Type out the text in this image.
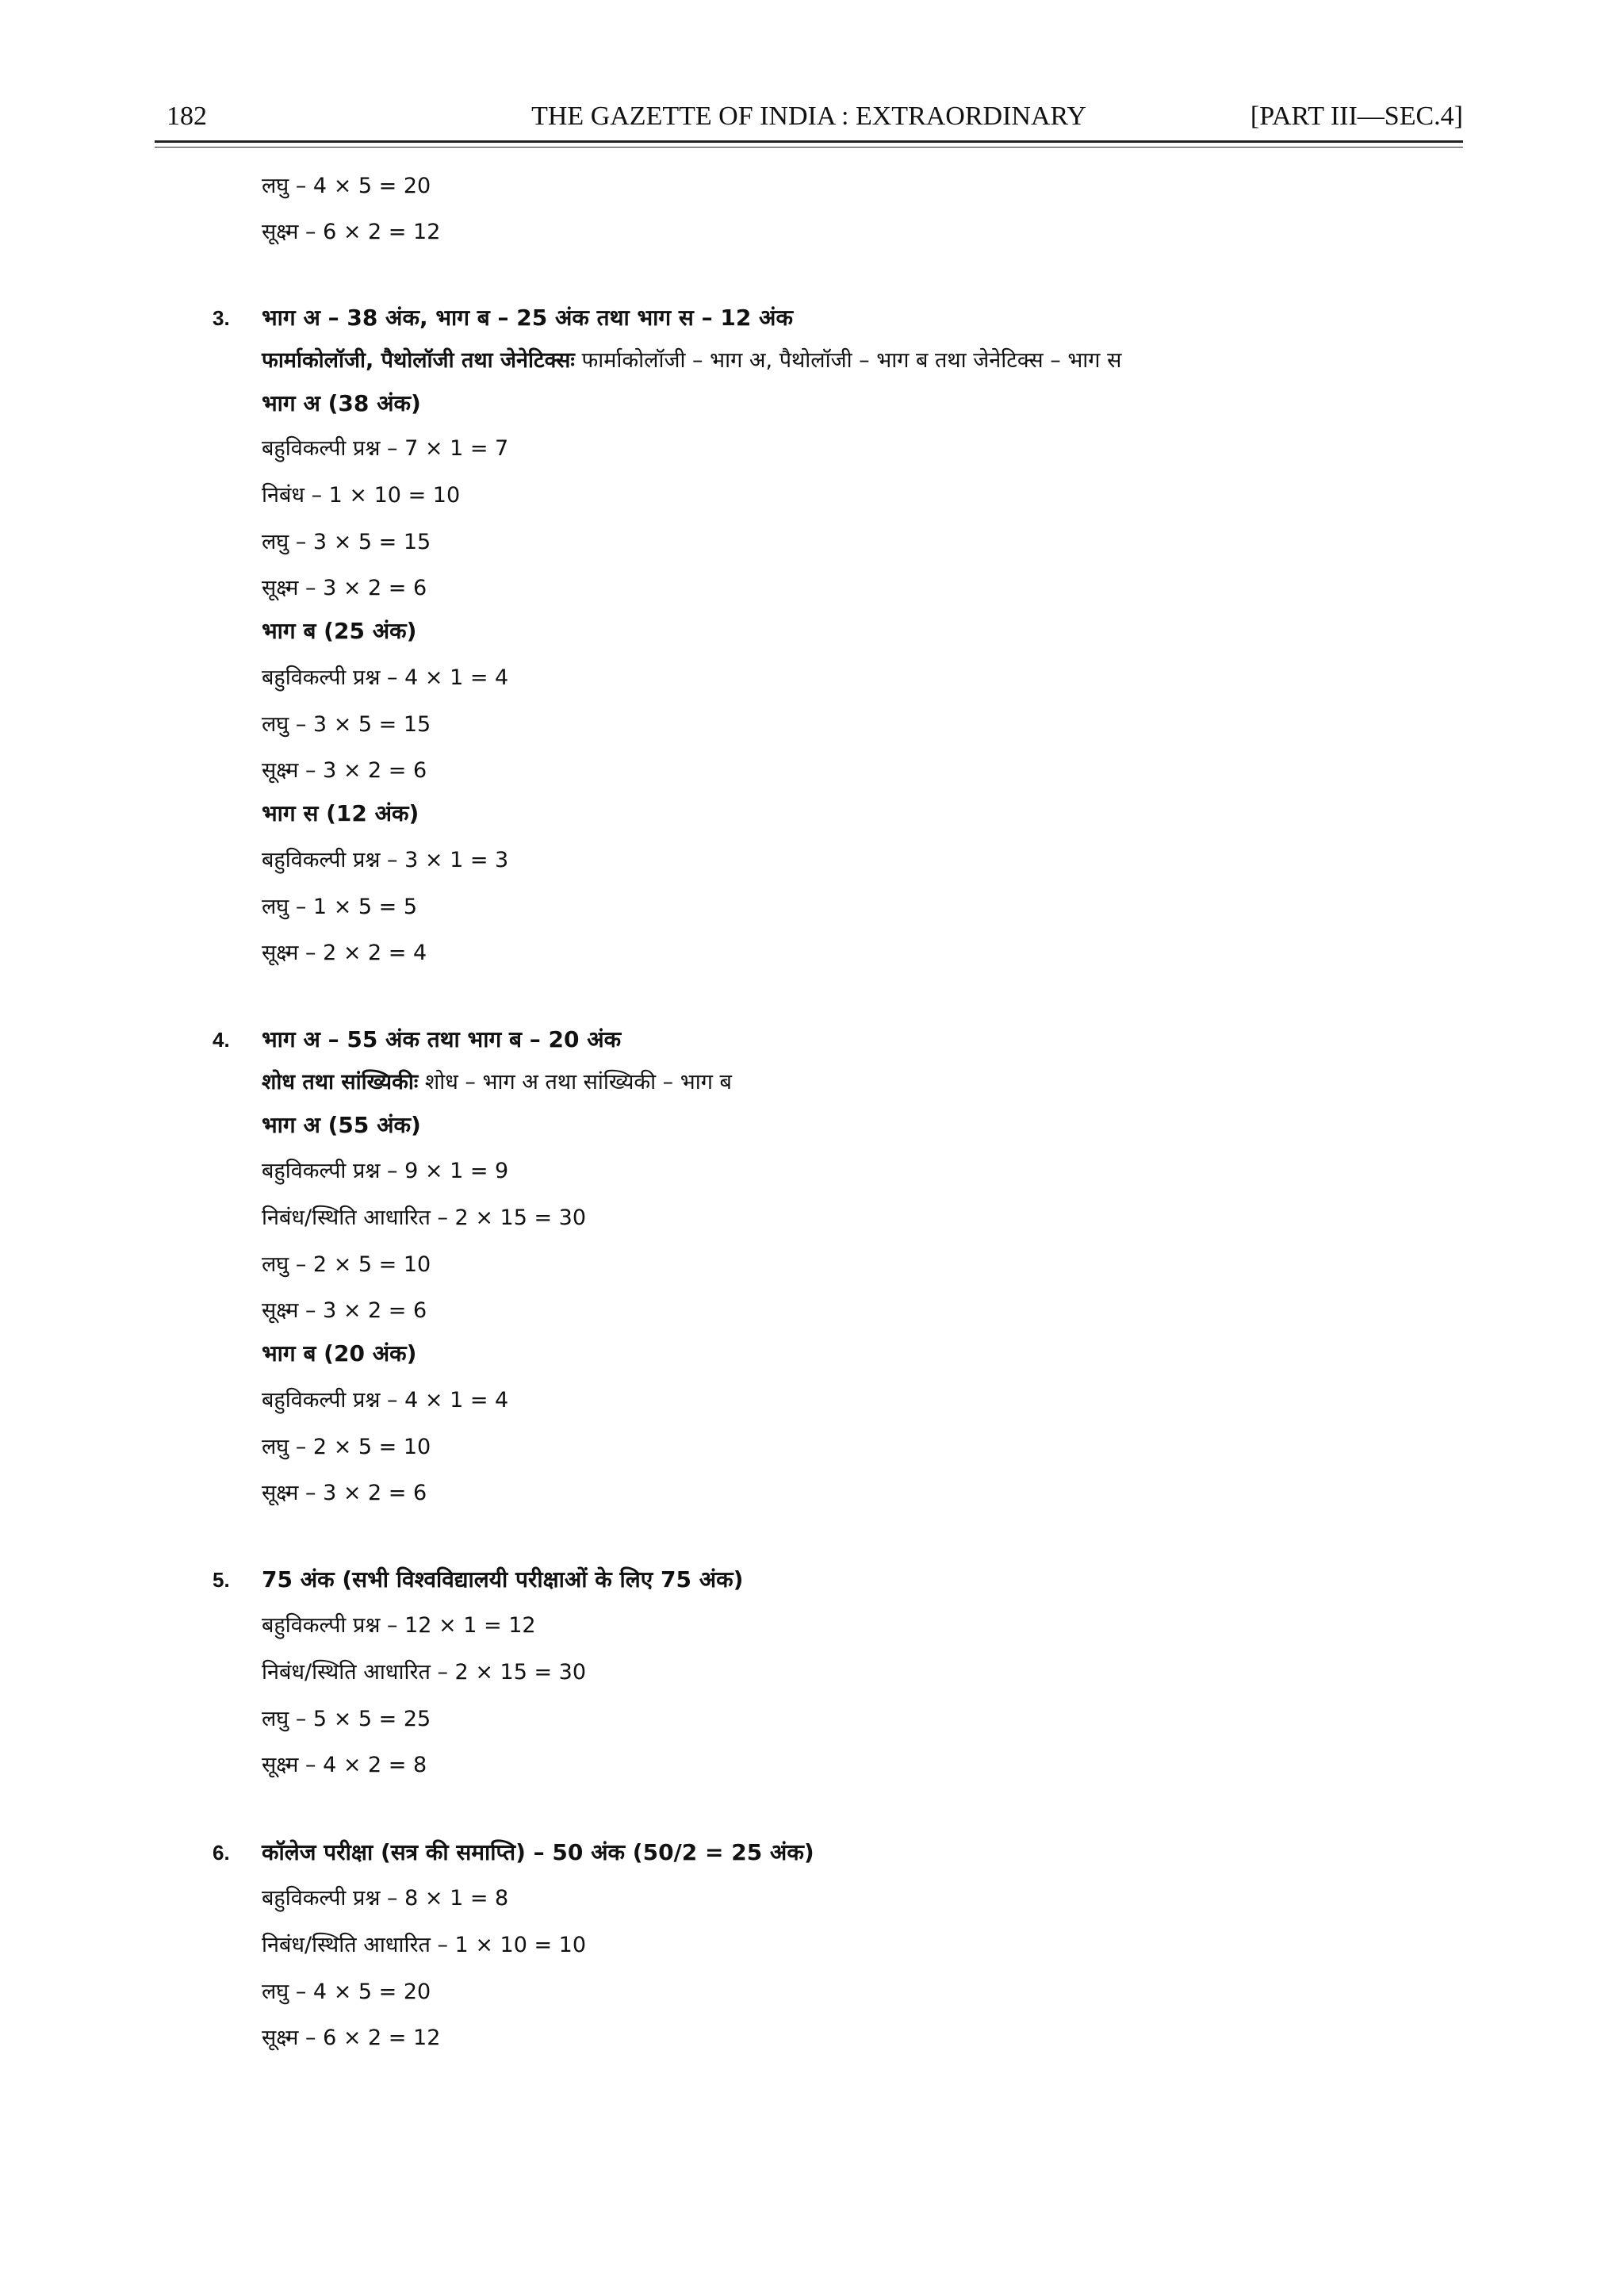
182	THE GAZETTE OF INDIA : EXTRAORDINARY	[PART III—SEC.4]
लघु – 4 × 5 = 20
सूक्ष्म – 6 × 2 = 12
3. भाग अ – 38 अंक, भाग ब – 25 अंक तथा भाग स – 12 अंक
फार्माकोलॉजी, पैथोलॉजी तथा जेनेटिक्सः फार्माकोलॉजी – भाग अ, पैथोलॉजी – भाग ब तथा जेनेटिक्स – भाग स
भाग अ (38 अंक)
बहुविकल्पी प्रश्न – 7 × 1 = 7
निबंध – 1 × 10 = 10
लघु – 3 × 5 = 15
सूक्ष्म – 3 × 2 = 6
भाग ब (25 अंक)
बहुविकल्पी प्रश्न – 4 × 1 = 4
लघु – 3 × 5 = 15
सूक्ष्म – 3 × 2 = 6
भाग स (12 अंक)
बहुविकल्पी प्रश्न – 3 × 1 = 3
लघु – 1 × 5 = 5
सूक्ष्म – 2 × 2 = 4
4. भाग अ – 55 अंक तथा भाग ब – 20 अंक
शोध तथा सांख्यिकीः शोध – भाग अ तथा सांख्यिकी – भाग ब
भाग अ (55 अंक)
बहुविकल्पी प्रश्न – 9 × 1 = 9
निबंध/स्थिति आधारित – 2 × 15 = 30
लघु – 2 × 5 = 10
सूक्ष्म – 3 × 2 = 6
भाग ब (20 अंक)
बहुविकल्पी प्रश्न – 4 × 1 = 4
लघु – 2 × 5 = 10
सूक्ष्म – 3 × 2 = 6
5. 75 अंक (सभी विश्वविद्यालयी परीक्षाओं के लिए 75 अंक)
बहुविकल्पी प्रश्न – 12 × 1 = 12
निबंध/स्थिति आधारित – 2 × 15 = 30
लघु – 5 × 5 = 25
सूक्ष्म – 4 × 2 = 8
6. कॉलेज परीक्षा (सत्र की समाप्ति) – 50 अंक (50/2 = 25 अंक)
बहुविकल्पी प्रश्न – 8 × 1 = 8
निबंध/स्थिति आधारित – 1 × 10 = 10
लघु – 4 × 5 = 20
सूक्ष्म – 6 × 2 = 12
